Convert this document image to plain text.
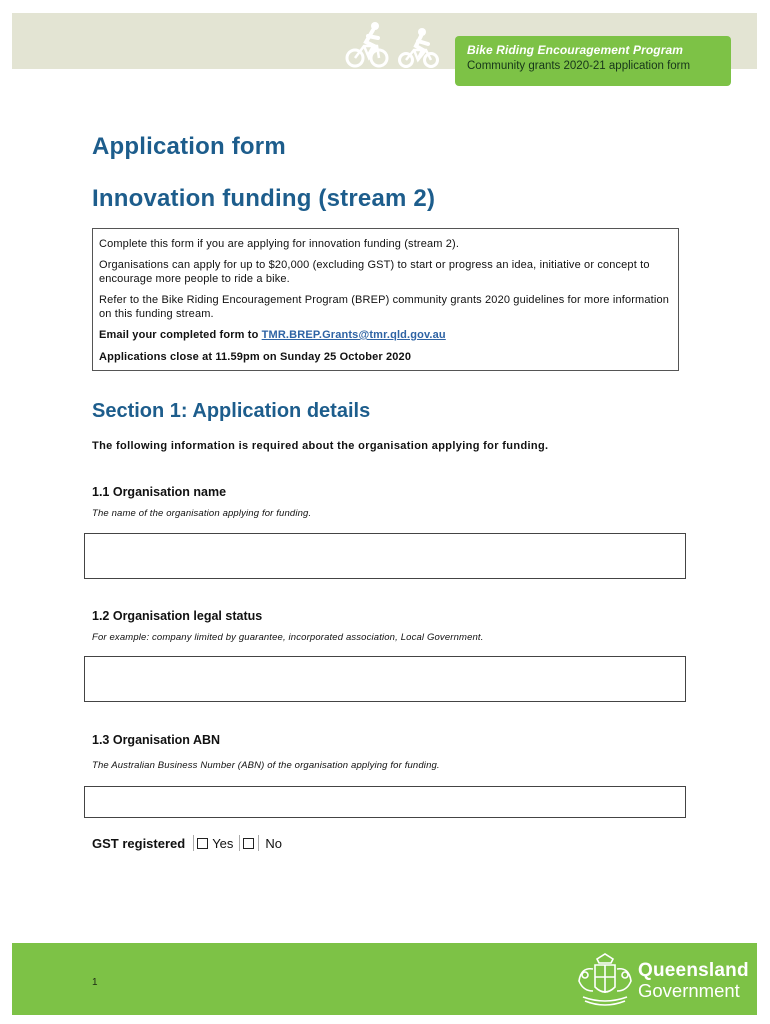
Bike Riding Encouragement Program
Community grants 2020-21 application form
Application form
Innovation funding (stream 2)

Complete this form if you are applying for innovation funding (stream 2).

Organisations can apply for up to $20,000 (excluding GST) to start or progress an idea, initiative or concept to encourage more people to ride a bike.

Refer to the Bike Riding Encouragement Program (BREP) community grants 2020 guidelines for more information on this funding stream.

Email your completed form to TMR.BREP.Grants@tmr.qld.gov.au

Applications close at 11.59pm on Sunday 25 October 2020

Section 1: Application details
The following information is required about the organisation applying for funding.
1.1 Organisation name
The name of the organisation applying for funding.
1.2 Organisation legal status
For example: company limited by guarantee, incorporated association, Local Government.
1.3 Organisation ABN
The Australian Business Number (ABN) of the organisation applying for funding.
GST registered Yes No
1
Queensland
Government
